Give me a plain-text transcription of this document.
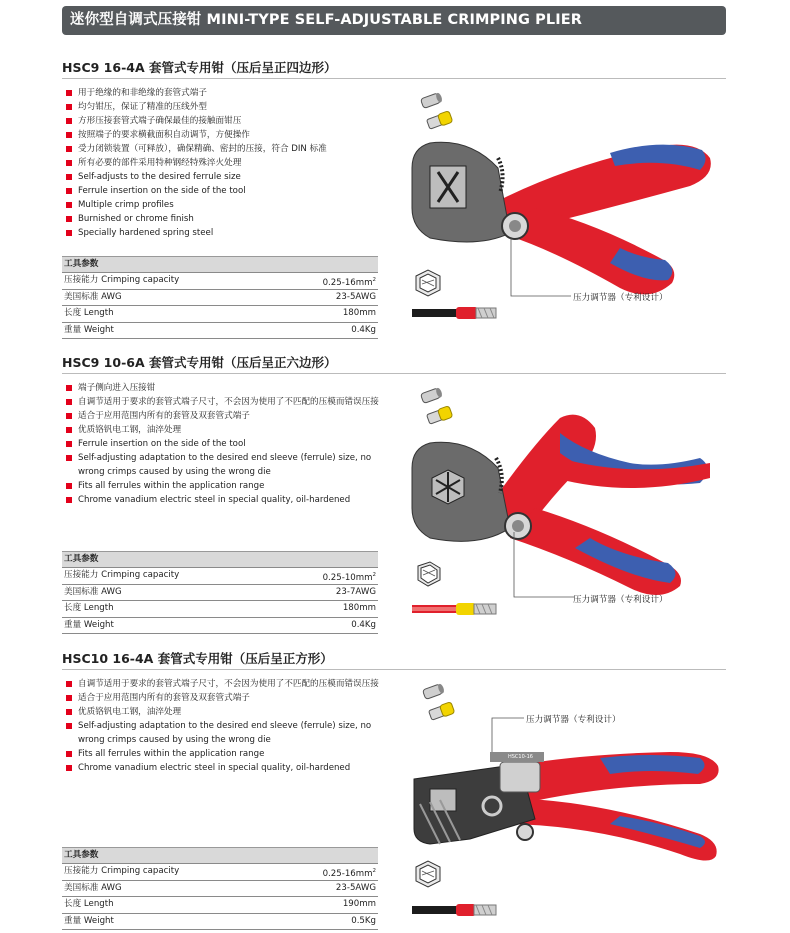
迷你型自调式压接钳 MINI-TYPE SELF-ADJUSTABLE CRIMPING PLIER
HSC9 16-4A 套管式专用钳（压后呈正四边形）
用于绝缘的和非绝缘的套管式端子
均匀钳压，保证了精准的压线外型
方形压接套管式端子确保最佳的接触面钳压
按照端子的要求横截面积自动调节，方便操作
受力闭锁装置（可释放），确保精确、密封的压接，符合 DIN 标准
所有必要的部件采用特种钢经特殊淬火处理
Self-adjusts to the desired ferrule size
Ferrule insertion on the side of the tool
Multiple crimp profiles
Burnished or chrome finish
Specially hardened spring steel
工具参数
压接能力 Crimping capacity	$0.25-16mm^2$
美国标准 AWG	23-5AWG
长度 Length	180mm
重量 Weight	0.4Kg
压力调节器（专利设计）
HSC9 10-6A 套管式专用钳（压后呈正六边形）
端子侧向进入压接钳
自调节适用于要求的套管式端子尺寸，不会因为使用了不匹配的压模而错误压接
适合于应用范围内所有的套管及双套管式端子
优质铬钒电工钢，油淬处理
Ferrule insertion on the side of the tool
Self-adjusting adaptation to the desired end sleeve (ferrule) size, no wrong crimps caused by using the wrong die
Fits all ferrules within the application range
Chrome vanadium electric steel in special quality, oil-hardened
工具参数
压接能力 Crimping capacity	$0.25-10mm^2$
美国标准 AWG	23-7AWG
长度 Length	180mm
重量 Weight	0.4Kg
压力调节器（专利设计）
HSC10 16-4A 套管式专用钳（压后呈正方形）
自调节适用于要求的套管式端子尺寸，不会因为使用了不匹配的压模而错误压接
适合于应用范围内所有的套管及双套管式端子
优质铬钒电工钢，油淬处理
Self-adjusting adaptation to the desired end sleeve (ferrule) size, no wrong crimps caused by using the wrong die
Fits all ferrules within the application range
Chrome vanadium electric steel in special quality, oil-hardened
工具参数
压接能力 Crimping capacity	$0.25-16mm^2$
美国标准 AWG	23-5AWG
长度 Length	190mm
重量 Weight	0.5Kg
压力调节器（专利设计）
HSC10-16
